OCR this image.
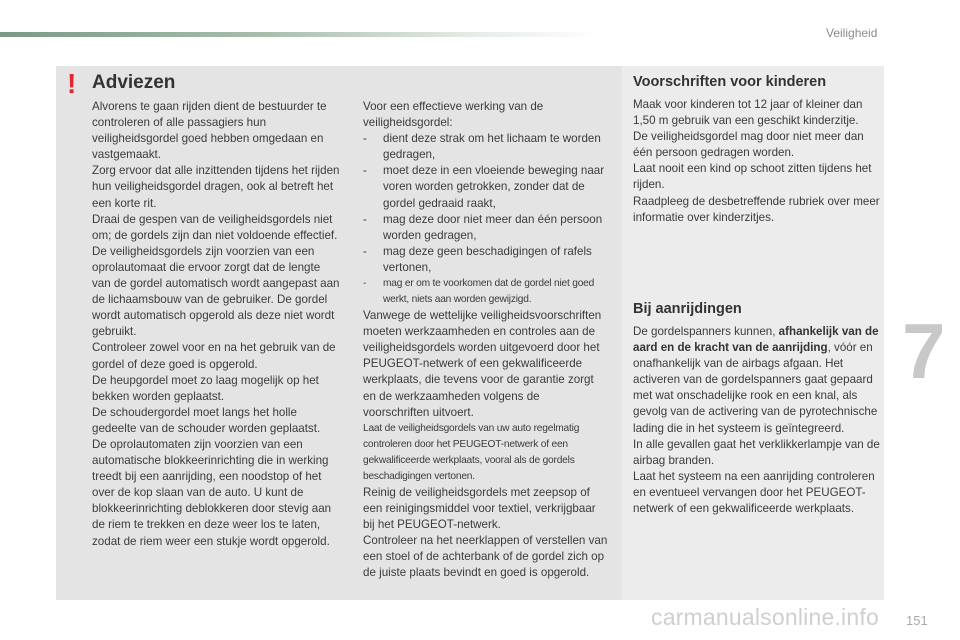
Veiligheid
! Adviezen

Alvorens te gaan rijden dient de bestuurder te controleren of alle passagiers hun veiligheidsgordel goed hebben omgedaan en vastgemaakt.

Zorg ervoor dat alle inzittenden tijdens het rijden hun veiligheidsgordel dragen, ook al betreft het een korte rit.

Draai de gespen van de veiligheidsgordels niet om; de gordels zijn dan niet voldoende effectief.

De veiligheidsgordels zijn voorzien van een oprolautomaat die ervoor zorgt dat de lengte van de gordel automatisch wordt aangepast aan de lichaamsbouw van de gebruiker. De gordel wordt automatisch opgerold als deze niet wordt gebruikt.

Controleer zowel voor en na het gebruik van de gordel of deze goed is opgerold.

De heupgordel moet zo laag mogelijk op het bekken worden geplaatst.

De schoudergordel moet langs het holle gedeelte van de schouder worden geplaatst.

De oprolautomaten zijn voorzien van een automatische blokkeerinrichting die in werking treedt bij een aanrijding, een noodstop of het over de kop slaan van de auto. U kunt de blokkeerinrichting deblokkeren door stevig aan de riem te trekken en deze weer los te laten, zodat de riem weer een stukje wordt opgerold.

Voor een effectieve werking van de veiligheidsgordel:

- dient deze strak om het lichaam te worden gedragen,
- moet deze in een vloeiende beweging naar voren worden getrokken, zonder dat de gordel gedraaid raakt,
- mag deze door niet meer dan één persoon worden gedragen,
- mag deze geen beschadigingen of rafels vertonen,
- mag er om te voorkomen dat de gordel niet goed werkt, niets aan worden gewijzigd.

Vanwege de wettelijke veiligheidsvoorschriften moeten werkzaamheden en controles aan de veiligheidsgordels worden uitgevoerd door het PEUGEOT-netwerk of een gekwalificeerde werkplaats, die tevens voor de garantie zorgt en de werkzaamheden volgens de voorschriften uitvoert.

Laat de veiligheidsgordels van uw auto regelmatig controleren door het PEUGEOT-netwerk of een gekwalificeerde werkplaats, vooral als de gordels beschadigingen vertonen.

Reinig de veiligheidsgordels met zeepsop of een reinigingsmiddel voor textiel, verkrijgbaar bij het PEUGEOT-netwerk.

Controleer na het neerklappen of verstellen van een stoel of de achterbank of de gordel zich op de juiste plaats bevindt en goed is opgerold.

Voorschriften voor kinderen

Maak voor kinderen tot 12 jaar of kleiner dan 1,50 m gebruik van een geschikt kinderzitje.

De veiligheidsgordel mag door niet meer dan één persoon gedragen worden.

Laat nooit een kind op schoot zitten tijdens het rijden.

Raadpleeg de desbetreffende rubriek over meer informatie over kinderzitjes.

Bij aanrijdingen

De gordelspanners kunnen, afhankelijk van de aard en de kracht van de aanrijding, vóór en onafhankelijk van de airbags afgaan. Het activeren van de gordelspanners gaat gepaard met wat onschadelijke rook en een knal, als gevolg van de activering van de pyrotechnische lading die in het systeem is geïntegreerd.

In alle gevallen gaat het verklikkerlampje van de airbag branden.

Laat het systeem na een aanrijding controleren en eventueel vervangen door het PEUGEOT-netwerk of een gekwalificeerde werkplaats.

7
carmanualsonline.info 151
